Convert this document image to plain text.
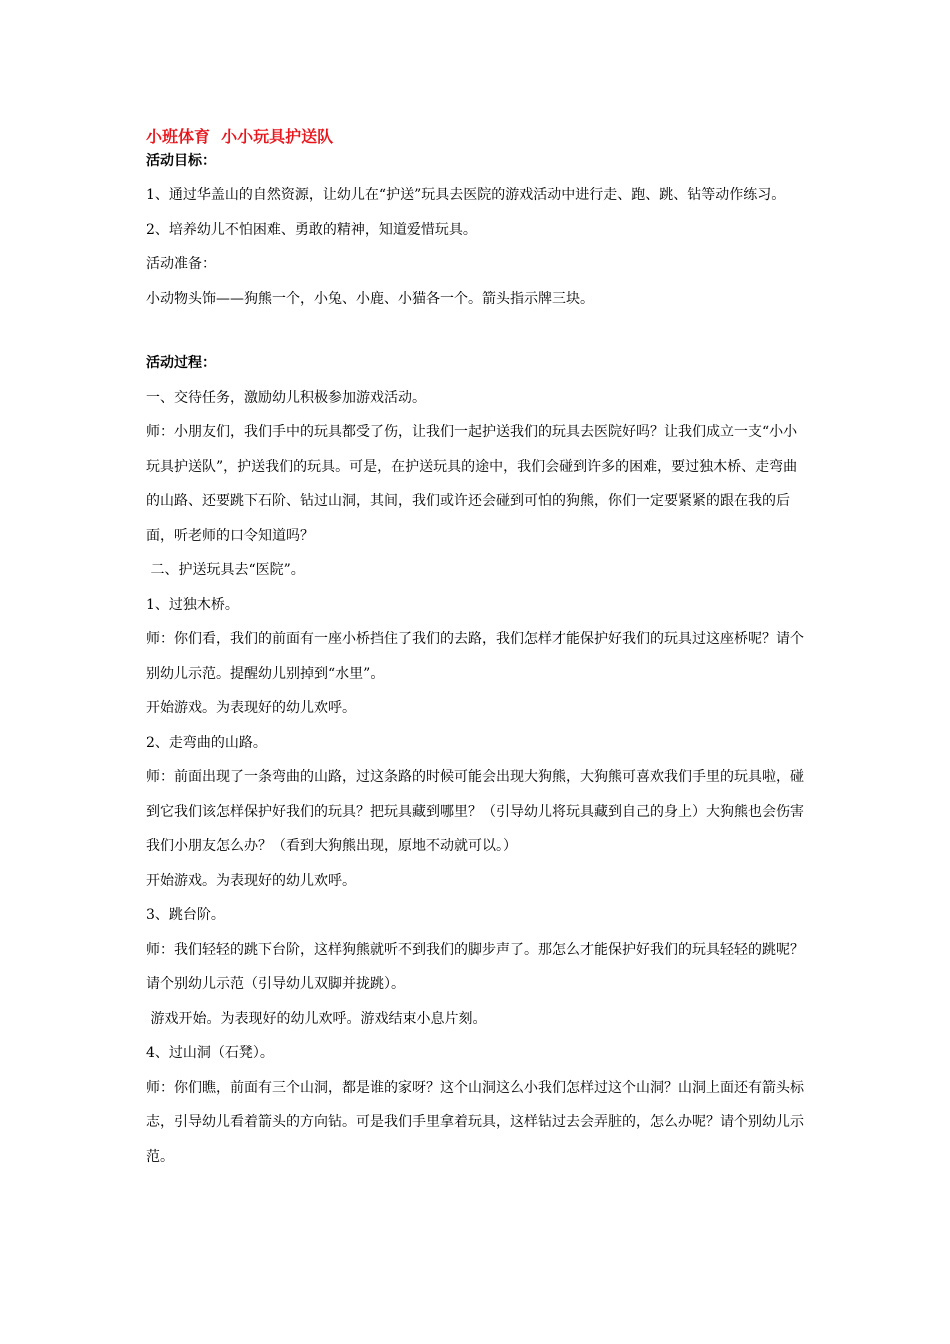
小班体育  小小玩具护送队
活动目标：
1、通过华盖山的自然资源，让幼儿在“护送”玩具去医院的游戏活动中进行走、跑、跳、钻等动作练习。
2、培养幼儿不怕困难、勇敢的精神，知道爱惜玩具。
活动准备：
小动物头饰——狗熊一个，小兔、小鹿、小猫各一个。箭头指示牌三块。
活动过程：
一、交待任务，激励幼儿积极参加游戏活动。
师：小朋友们，我们手中的玩具都受了伤，让我们一起护送我们的玩具去医院好吗？让我们成立一支“小小玩具护送队”，护送我们的玩具。可是，在护送玩具的途中，我们会碰到许多的困难，要过独木桥、走弯曲的山路、还要跳下石阶、钻过山洞，其间，我们或许还会碰到可怕的狗熊，你们一定要紧紧的跟在我的后面，听老师的口令知道吗？
二、护送玩具去“医院”。
1、过独木桥。
师：你们看，我们的前面有一座小桥挡住了我们的去路，我们怎样才能保护好我们的玩具过这座桥呢？请个别幼儿示范。提醒幼儿别掉到“水里”。
开始游戏。为表现好的幼儿欢呼。
2、走弯曲的山路。
师：前面出现了一条弯曲的山路，过这条路的时候可能会出现大狗熊，大狗熊可喜欢我们手里的玩具啦，碰到它我们该怎样保护好我们的玩具？把玩具藏到哪里？（引导幼儿将玩具藏到自己的身上）大狗熊也会伤害我们小朋友怎么办？（看到大狗熊出现，原地不动就可以。）
开始游戏。为表现好的幼儿欢呼。
3、跳台阶。
师：我们轻轻的跳下台阶，这样狗熊就听不到我们的脚步声了。那怎么才能保护好我们的玩具轻轻的跳呢？请个别幼儿示范（引导幼儿双脚并拢跳）。
游戏开始。为表现好的幼儿欢呼。游戏结束小息片刻。
4、过山洞（石凳）。
师：你们瞧，前面有三个山洞，都是谁的家呀？这个山洞这么小我们怎样过这个山洞？山洞上面还有箭头标志，引导幼儿看着箭头的方向钻。可是我们手里拿着玩具，这样钻过去会弄脏的，怎么办呢？请个别幼儿示范。
